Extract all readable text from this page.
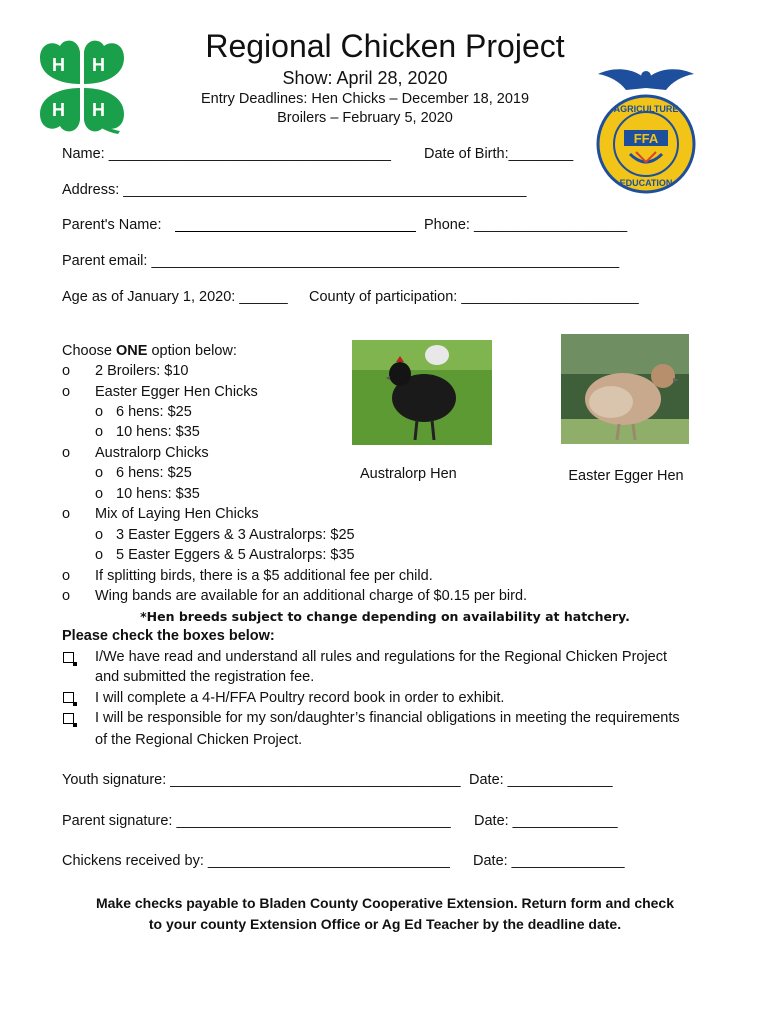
H H
H H
4-H
AGRICULTURE
EDUCATION
FFA
Regional Chicken Project
Show: April 28, 2020
Entry Deadlines: Hen Chicks – December 18, 2019
Broilers – February 5, 2020
Name: ___________________________________ Date of Birth:________
Address: __________________________________________________
Parent's Name:	Phone: ___________________
Parent email: __________________________________________________________
Age as of January 1, 2020: ______ County of participation: ______________________
Choose ONE option below:
o 2 Broilers: $10
o Easter Egger Hen Chicks
o 6 hens: $25
o 10 hens: $35
o Australorp Chicks
o 6 hens: $25
o 10 hens: $35
o Mix of Laying Hen Chicks
o 3 Easter Eggers & 3 Australorps: $25
o 5 Easter Eggers & 5 Australorps: $35
o If splitting birds, there is a $5 additional fee per child.
o Wing bands are available for an additional charge of $0.15 per bird.
Australorp Hen	Easter Egger Hen
*Hen breeds subject to change depending on availability at hatchery.
Please check the boxes below:
I/We have read and understand all rules and regulations for the Regional Chicken Project
and submitted the registration fee.
I will complete a 4-H/FFA Poultry record book in order to exhibit.
I will be responsible for my son/daughter’s financial obligations in meeting the requirements
of the Regional Chicken Project.
Youth signature: ____________________________________ Date: _____________
Parent signature: __________________________________ Date: _____________
Chickens received by: ______________________________ Date: ______________
Make checks payable to Bladen County Cooperative Extension. Return form and check
to your county Extension Office or Ag Ed Teacher by the deadline date.
